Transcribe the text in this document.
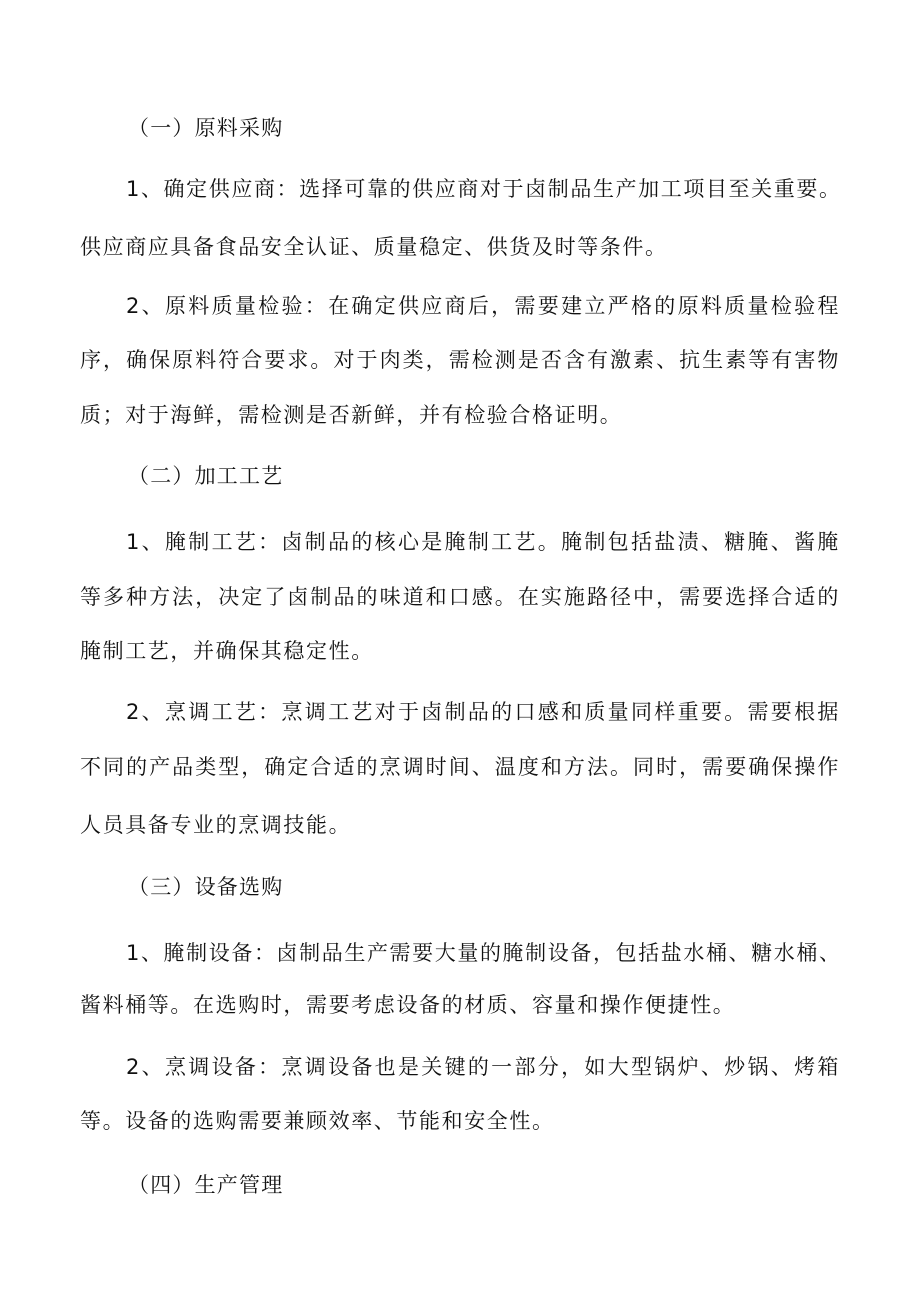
（一）原料采购
1、确定供应商：选择可靠的供应商对于卤制品生产加工项目至关重要。
供应商应具备食品安全认证、质量稳定、供货及时等条件。
2、原料质量检验：在确定供应商后，需要建立严格的原料质量检验程
序，确保原料符合要求。对于肉类，需检测是否含有激素、抗生素等有害物
质；对于海鲜，需检测是否新鲜，并有检验合格证明。
（二）加工工艺
1、腌制工艺：卤制品的核心是腌制工艺。腌制包括盐渍、糖腌、酱腌
等多种方法，决定了卤制品的味道和口感。在实施路径中，需要选择合适的
腌制工艺，并确保其稳定性。
2、烹调工艺：烹调工艺对于卤制品的口感和质量同样重要。需要根据
不同的产品类型，确定合适的烹调时间、温度和方法。同时，需要确保操作
人员具备专业的烹调技能。
（三）设备选购
1、腌制设备：卤制品生产需要大量的腌制设备，包括盐水桶、糖水桶、
酱料桶等。在选购时，需要考虑设备的材质、容量和操作便捷性。
2、烹调设备：烹调设备也是关键的一部分，如大型锅炉、炒锅、烤箱
等。设备的选购需要兼顾效率、节能和安全性。
（四）生产管理
